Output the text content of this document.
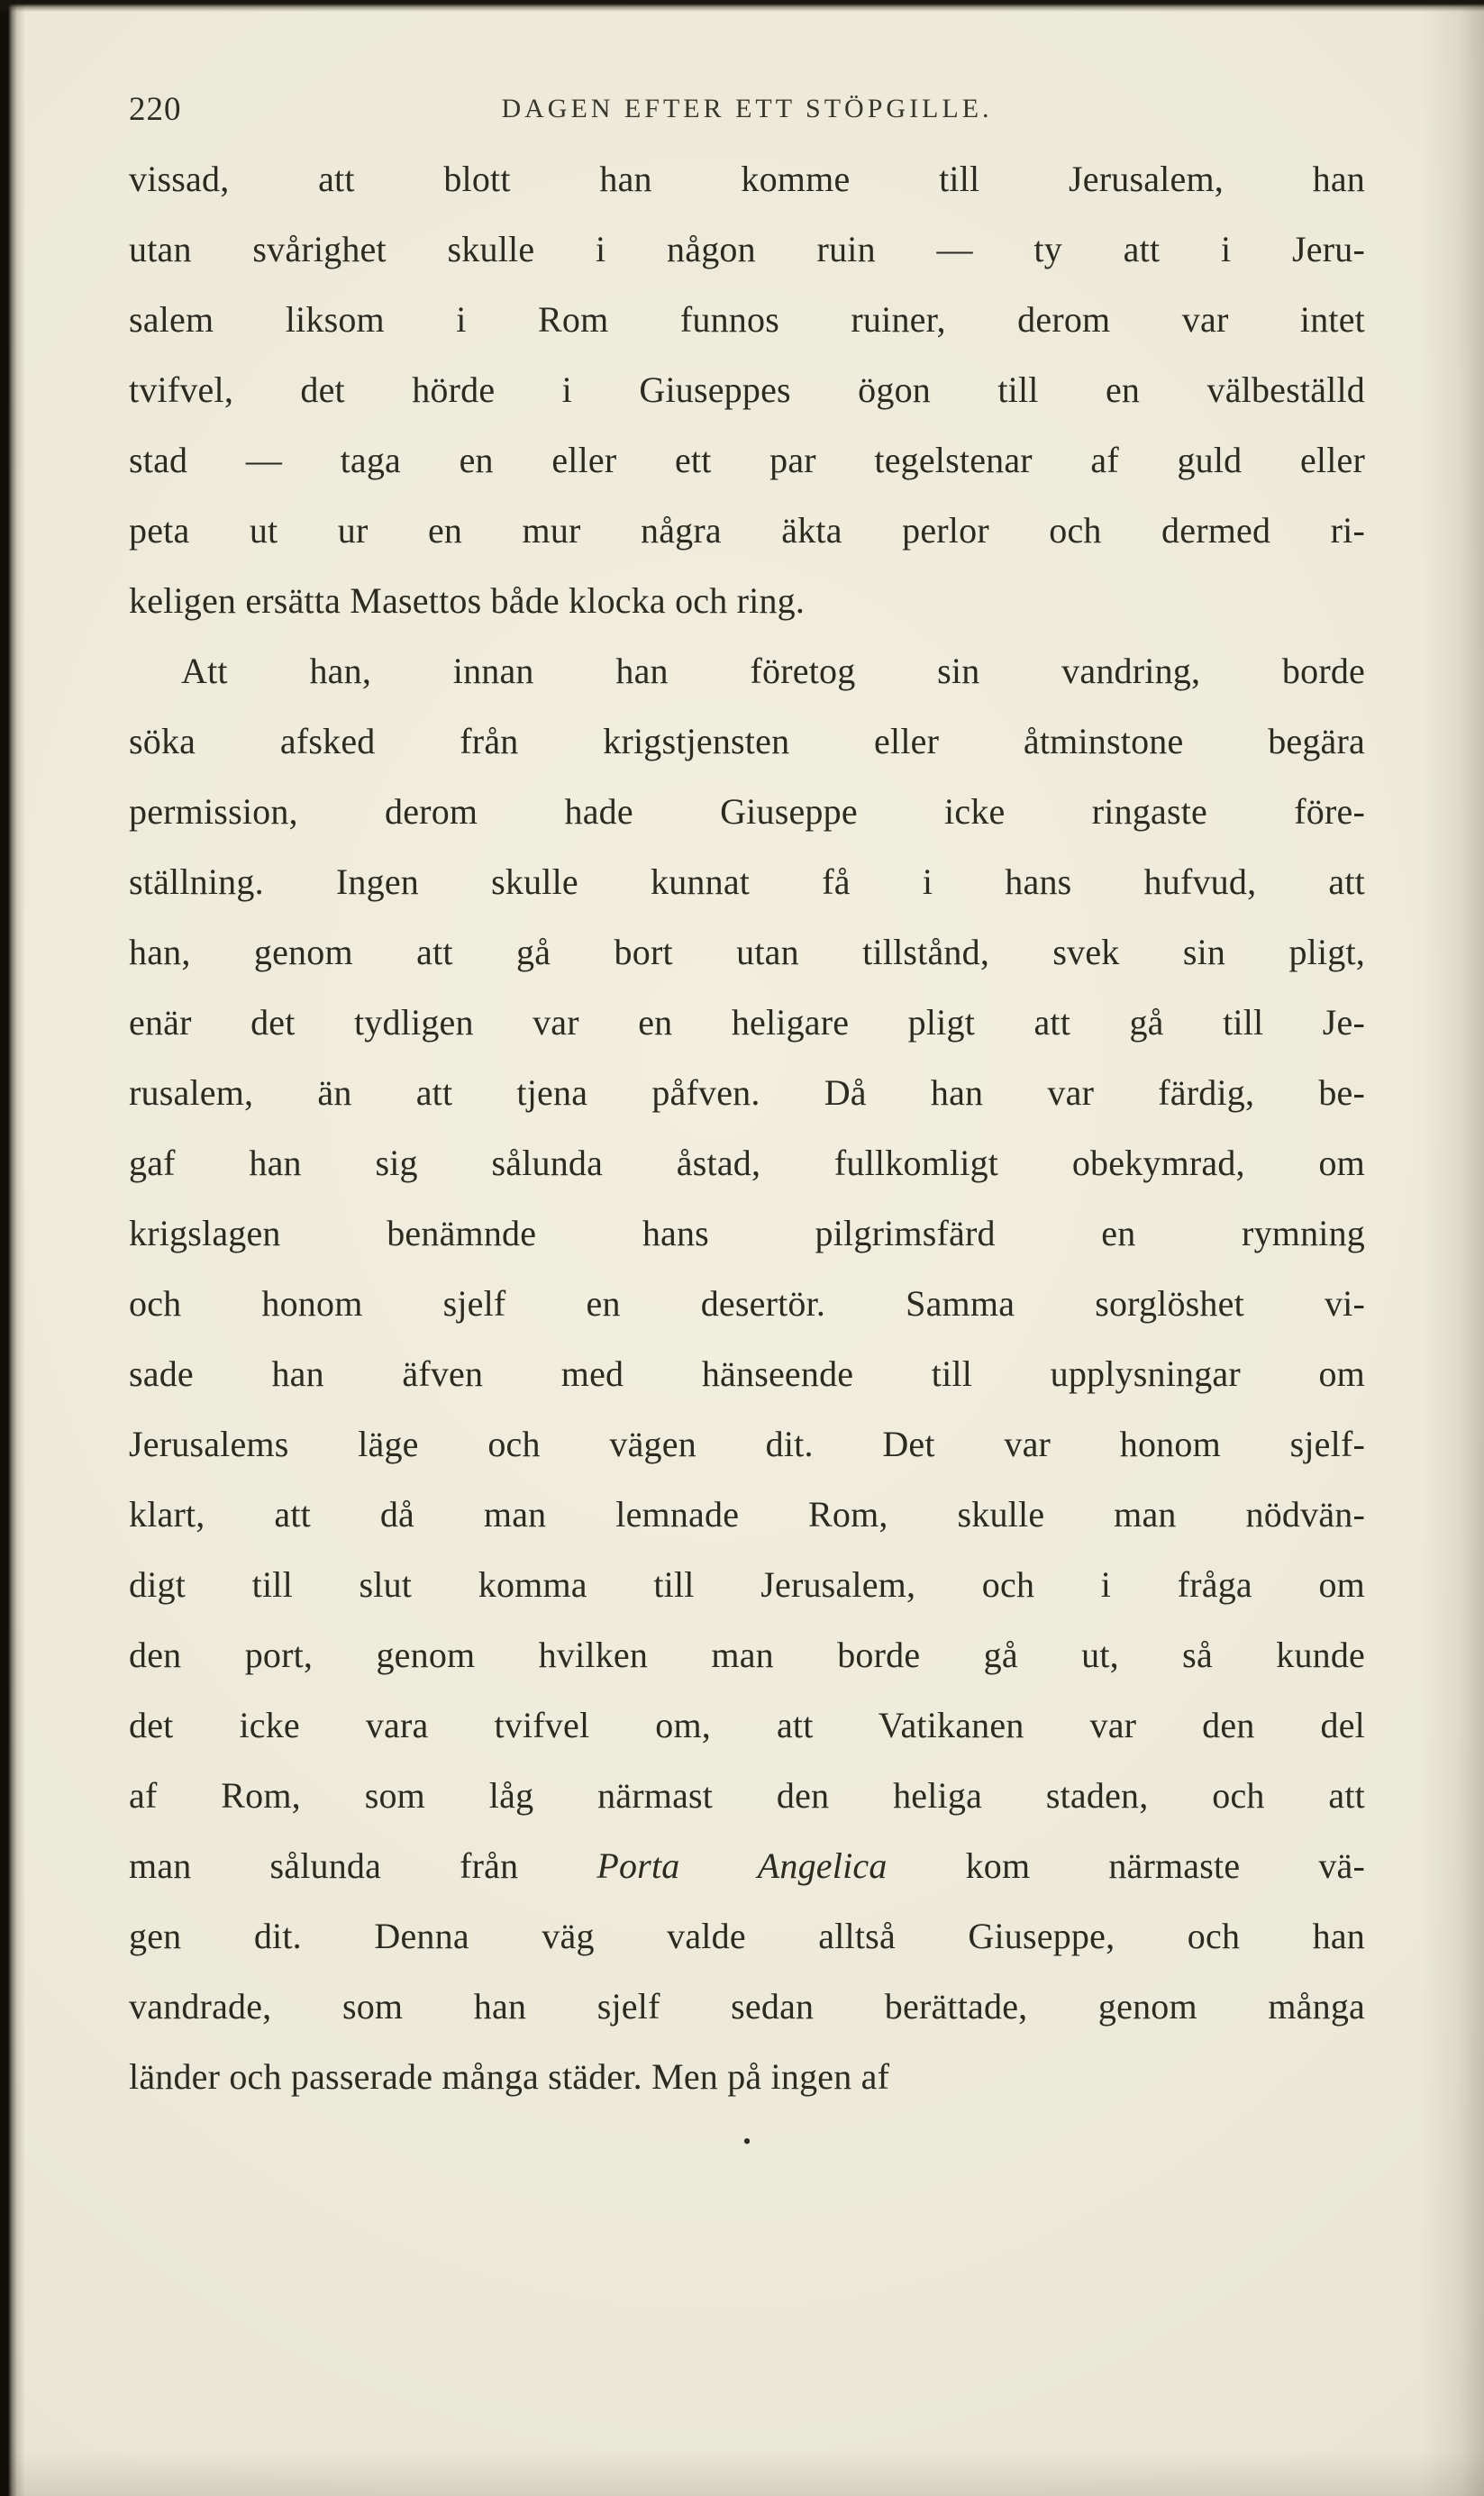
220	DAGEN EFTER ETT STÖPGILLE.
vissad, att blott han komme till Jerusalem, han
utan svårighet skulle i någon ruin — ty att i Jeru-
salem liksom i Rom funnos ruiner, derom var intet
tvifvel, det hörde i Giuseppes ögon till en välbeställd
stad — taga en eller ett par tegelstenar af guld eller
peta ut ur en mur några äkta perlor och dermed ri-
keligen ersätta Masettos både klocka och ring.
Att han, innan han företog sin vandring, borde
söka afsked från krigstjensten eller åtminstone begära
permission, derom hade Giuseppe icke ringaste före-
ställning. Ingen skulle kunnat få i hans hufvud, att
han, genom att gå bort utan tillstånd, svek sin pligt,
enär det tydligen var en heligare pligt att gå till Je-
rusalem, än att tjena påfven. Då han var färdig, be-
gaf han sig sålunda åstad, fullkomligt obekymrad, om
krigslagen benämnde hans pilgrimsfärd en rymning
och honom sjelf en desertör. Samma sorglöshet vi-
sade han äfven med hänseende till upplysningar om
Jerusalems läge och vägen dit. Det var honom sjelf-
klart, att då man lemnade Rom, skulle man nödvän-
digt till slut komma till Jerusalem, och i fråga om
den port, genom hvilken man borde gå ut, så kunde
det icke vara tvifvel om, att Vatikanen var den del
af Rom, som låg närmast den heliga staden, och att
man sålunda från Porta Angelica kom närmaste vä-
gen dit. Denna väg valde alltså Giuseppe, och han
vandrade, som han sjelf sedan berättade, genom många
länder och passerade många städer. Men på ingen af
•
